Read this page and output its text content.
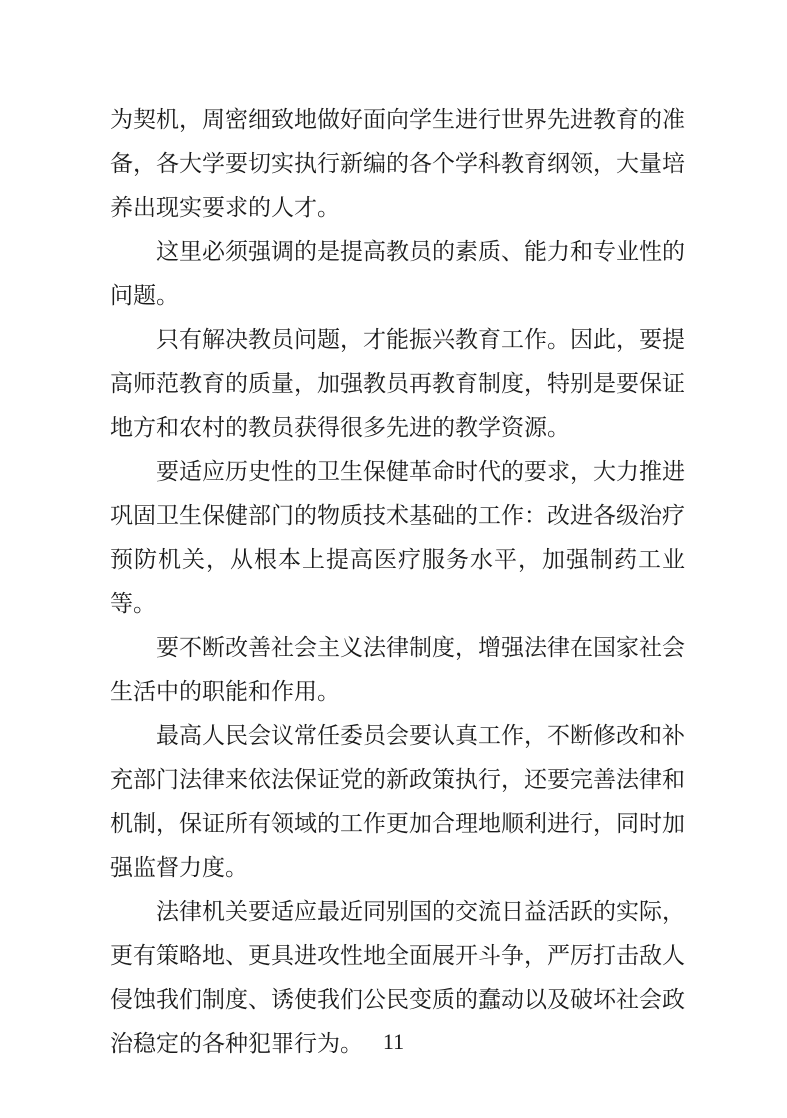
为契机，周密细致地做好面向学生进行世界先进教育的准备，各大学要切实执行新编的各个学科教育纲领，大量培养出现实要求的人才。

这里必须强调的是提高教员的素质、能力和专业性的问题。

只有解决教员问题，才能振兴教育工作。因此，要提高师范教育的质量，加强教员再教育制度，特别是要保证地方和农村的教员获得很多先进的教学资源。

要适应历史性的卫生保健革命时代的要求，大力推进巩固卫生保健部门的物质技术基础的工作：改进各级治疗预防机关，从根本上提高医疗服务水平，加强制药工业等。

要不断改善社会主义法律制度，增强法律在国家社会生活中的职能和作用。

最高人民会议常任委员会要认真工作，不断修改和补充部门法律来依法保证党的新政策执行，还要完善法律和机制，保证所有领域的工作更加合理地顺利进行，同时加强监督力度。

法律机关要适应最近同别国的交流日益活跃的实际，更有策略地、更具进攻性地全面展开斗争，严厉打击敌人侵蚀我们制度、诱使我们公民变质的蠢动以及破坏社会政治稳定的各种犯罪行为。 11
